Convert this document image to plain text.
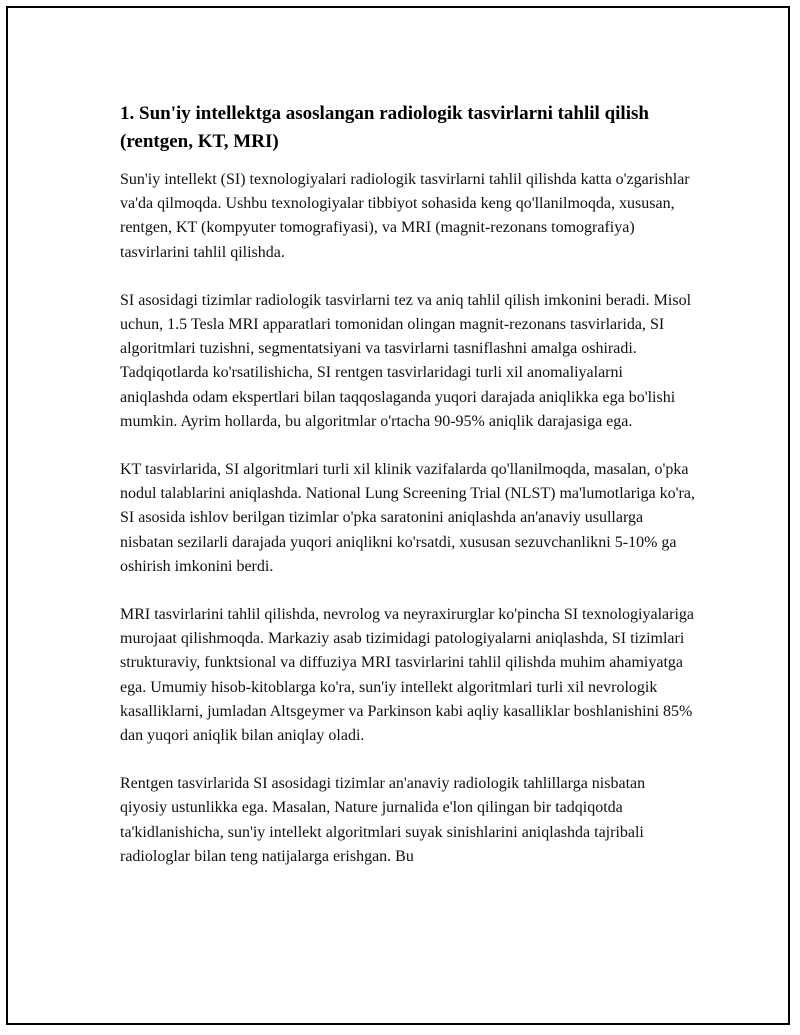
1. Sun'iy intellektga asoslangan radiologik tasvirlarni tahlil qilish (rentgen, KT, MRI)

Sun'iy intellekt (SI) texnologiyalari radiologik tasvirlarni tahlil qilishda katta o'zgarishlar va'da qilmoqda. Ushbu texnologiyalar tibbiyot sohasida keng qo'llanilmoqda, xususan, rentgen, KT (kompyuter tomografiyasi), va MRI (magnit-rezonans tomografiya) tasvirlarini tahlil qilishda.

SI asosidagi tizimlar radiologik tasvirlarni tez va aniq tahlil qilish imkonini beradi. Misol uchun, 1.5 Tesla MRI apparatlari tomonidan olingan magnit-rezonans tasvirlarida, SI algoritmlari tuzishni, segmentatsiyani va tasvirlarni tasniflashni amalga oshiradi. Tadqiqotlarda ko'rsatilishicha, SI rentgen tasvirlaridagi turli xil anomaliyalarni aniqlashda odam ekspertlari bilan taqqoslaganda yuqori darajada aniqlikka ega bo'lishi mumkin. Ayrim hollarda, bu algoritmlar o'rtacha 90-95% aniqlik darajasiga ega.

KT tasvirlarida, SI algoritmlari turli xil klinik vazifalarda qo'llanilmoqda, masalan, o'pka nodul talablarini aniqlashda. National Lung Screening Trial (NLST) ma'lumotlariga ko'ra, SI asosida ishlov berilgan tizimlar o'pka saratonini aniqlashda an'anaviy usullarga nisbatan sezilarli darajada yuqori aniqlikni ko'rsatdi, xususan sezuvchanlikni 5-10% ga oshirish imkonini berdi.

MRI tasvirlarini tahlil qilishda, nevrolog va neyraxirurglar ko'pincha SI texnologiyalariga murojaat qilishmoqda. Markaziy asab tizimidagi patologiyalarni aniqlashda, SI tizimlari strukturaviy, funktsional va diffuziya MRI tasvirlarini tahlil qilishda muhim ahamiyatga ega. Umumiy hisob-kitoblarga ko'ra, sun'iy intellekt algoritmlari turli xil nevrologik kasalliklarni, jumladan Altsgeymer va Parkinson kabi aqliy kasalliklar boshlanishini 85% dan yuqori aniqlik bilan aniqlay oladi.

Rentgen tasvirlarida SI asosidagi tizimlar an'anaviy radiologik tahlillarga nisbatan qiyosiy ustunlikka ega. Masalan, Nature jurnalida e'lon qilingan bir tadqiqotda ta'kidlanishicha, sun'iy intellekt algoritmlari suyak sinishlarini aniqlashda tajribali radiologlar bilan teng natijalarga erishgan. Bu
